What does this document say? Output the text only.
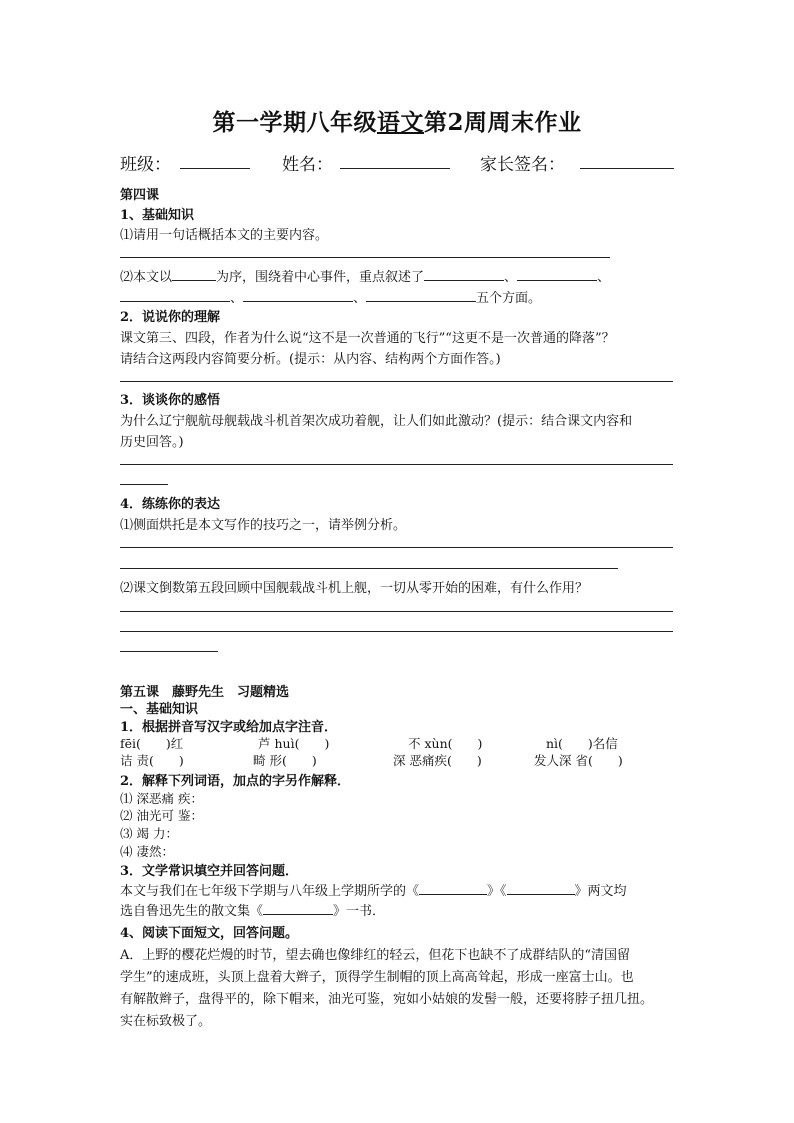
第一学期八年级语文第2周周末作业
班级：	姓名：	家长签名：
第四课
1、基础知识
⑴请用一句话概括本文的主要内容。
⑵本文以	为序，围绕着中心事件，重点叙述了	、	、
、	、	五个方面。
2．说说你的理解
课文第三、四段，作者为什么说“这不是一次普通的飞行”“这更不是一次普通的降落”？
请结合这两段内容简要分析。(提示：从内容、结构两个方面作答。)
3．谈谈你的感悟
为什么辽宁舰航母舰载战斗机首架次成功着舰，让人们如此激动？(提示：结合课文内容和
历史回答。)
4．练练你的表达
⑴侧面烘托是本文写作的技巧之一，请举例分析。
⑵课文倒数第五段回顾中国舰载战斗机上舰，一切从零开始的困难，有什么作用？
第五课　藤野先生　习题精选
一、基础知识
1．根据拼音写汉字或给加点字注音．
fēi(　　)红	芦 huì(　　)	不 xùn(　　)	nì(　　)名信
诘 责(　　)	畸 形(　　)	深 恶痛疾(　　)	发人深 省(　　)
2．解释下列词语，加点的字另作解释．
⑴ 深恶痛 疾：
⑵ 油光可 鉴：
⑶ 竭 力：
⑷ 凄然：
3．文学常识填空并回答问题．
本文与我们在七年级下学期与八年级上学期所学的《	》《	》两文均
选自鲁迅先生的散文集《	》一书．
4、阅读下面短文，回答问题。
A．上野的樱花烂熳的时节，望去确也像绯红的轻云，但花下也缺不了成群结队的“清国留
学生”的速成班，头顶上盘着大辫子，顶得学生制帽的顶上高高耸起，形成一座富士山。也
有解散辫子，盘得平的，除下帽来，油光可鉴，宛如小姑娘的发髻一般，还要将脖子扭几扭。
实在标致极了。
